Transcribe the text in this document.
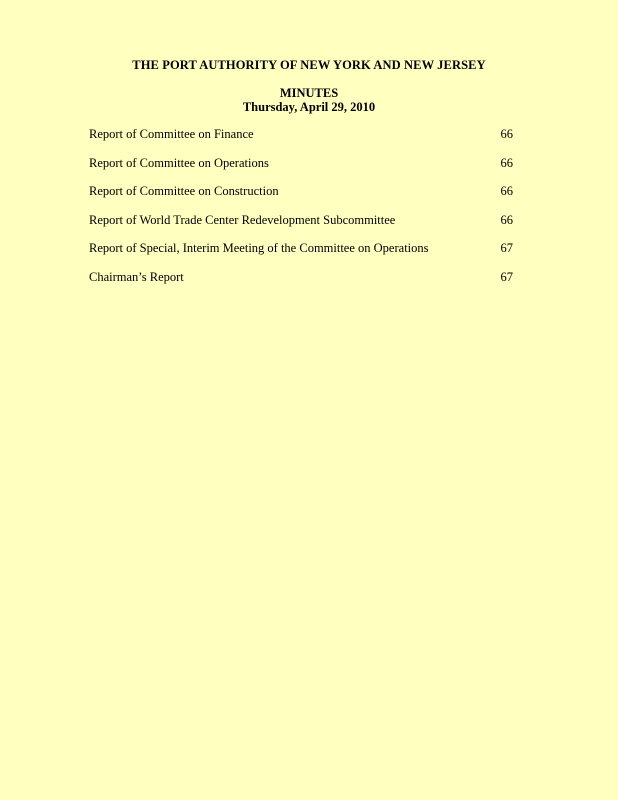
THE PORT AUTHORITY OF NEW YORK AND NEW JERSEY
MINUTES
Thursday, April 29, 2010
Report of Committee on Finance	66
Report of Committee on Operations	66
Report of Committee on Construction	66
Report of World Trade Center Redevelopment Subcommittee	66
Report of Special, Interim Meeting of the Committee on Operations	67
Chairman’s Report	67
